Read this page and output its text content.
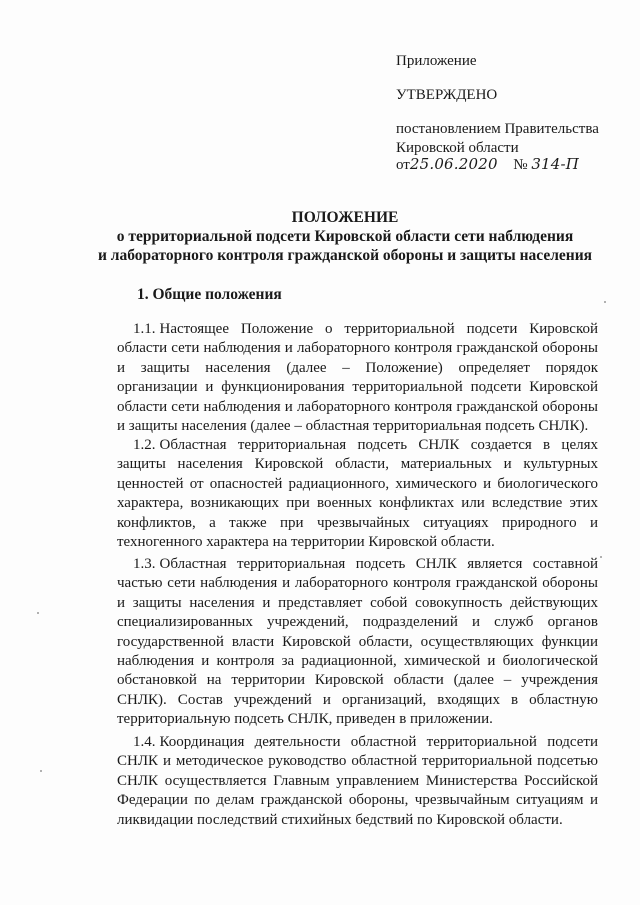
Приложение
УТВЕРЖДЕНО
постановлением Правительства
Кировской области
от25.06.2020 № 314-П
ПОЛОЖЕНИЕ
о территориальной подсети Кировской области сети наблюдения
и лабораторного контроля гражданской обороны и защиты населения
1. Общие положения
1.1. Настоящее Положение о территориальной подсети Кировской области сети наблюдения и лабораторного контроля гражданской обороны и защиты населения (далее – Положение) определяет порядок организации и функционирования территориальной подсети Кировской области сети наблюдения и лабораторного контроля гражданской обороны и защиты населения (далее – областная территориальная подсеть СНЛК).
1.2. Областная территориальная подсеть СНЛК создается в целях защиты населения Кировской области, материальных и культурных ценностей от опасностей радиационного, химического и биологического характера, возникающих при военных конфликтах или вследствие этих конфликтов, а также при чрезвычайных ситуациях природного и техногенного характера на территории Кировской области.
1.3. Областная территориальная подсеть СНЛК является составной частью сети наблюдения и лабораторного контроля гражданской обороны и защиты населения и представляет собой совокупность действующих специализированных учреждений, подразделений и служб органов государственной власти Кировской области, осуществляющих функции наблюдения и контроля за радиационной, химической и биологической обстановкой на территории Кировской области (далее – учреждения СНЛК). Состав учреждений и организаций, входящих в областную территориальную подсеть СНЛК, приведен в приложении.
1.4. Координация деятельности областной территориальной подсети СНЛК и методическое руководство областной территориальной подсетью СНЛК осуществляется Главным управлением Министерства Российской Федерации по делам гражданской обороны, чрезвычайным ситуациям и ликвидации последствий стихийных бедствий по Кировской области.
